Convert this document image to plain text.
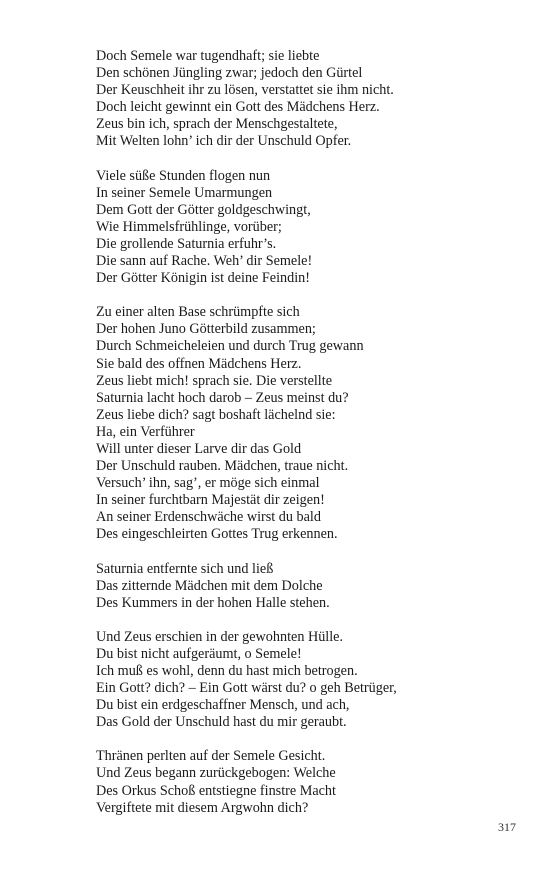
Doch Semele war tugendhaft; sie liebte
Den schönen Jüngling zwar; jedoch den Gürtel
Der Keuschheit ihr zu lösen, verstattet sie ihm nicht.
Doch leicht gewinnt ein Gott des Mädchens Herz.
Zeus bin ich, sprach der Menschgestaltete,
Mit Welten lohn’ ich dir der Unschuld Opfer.
Viele süße Stunden flogen nun
In seiner Semele Umarmungen
Dem Gott der Götter goldgeschwingt,
Wie Himmelsfrühlinge, vorüber;
Die grollende Saturnia erfuhr’s.
Die sann auf Rache. Weh’ dir Semele!
Der Götter Königin ist deine Feindin!
Zu einer alten Base schrümpfte sich
Der hohen Juno Götterbild zusammen;
Durch Schmeicheleien und durch Trug gewann
Sie bald des offnen Mädchens Herz.
Zeus liebt mich! sprach sie. Die verstellte
Saturnia lacht hoch darob – Zeus meinst du?
Zeus liebe dich? sagt boshaft lächelnd sie:
Ha, ein Verführer
Will unter dieser Larve dir das Gold
Der Unschuld rauben. Mädchen, traue nicht.
Versuch’ ihn, sag’, er möge sich einmal
In seiner furchtbarn Majestät dir zeigen!
An seiner Erdenschwäche wirst du bald
Des eingeschleirten Gottes Trug erkennen.
Saturnia entfernte sich und ließ
Das zitternde Mädchen mit dem Dolche
Des Kummers in der hohen Halle stehen.
Und Zeus erschien in der gewohnten Hülle.
Du bist nicht aufgeräumt, o Semele!
Ich muß es wohl, denn du hast mich betrogen.
Ein Gott? dich? – Ein Gott wärst du? o geh Betrüger,
Du bist ein erdgeschaffner Mensch, und ach,
Das Gold der Unschuld hast du mir geraubt.
Thränen perlten auf der Semele Gesicht.
Und Zeus begann zurückgebogen: Welche
Des Orkus Schoß entstiegne finstre Macht
Vergiftete mit diesem Argwohn dich?
317
